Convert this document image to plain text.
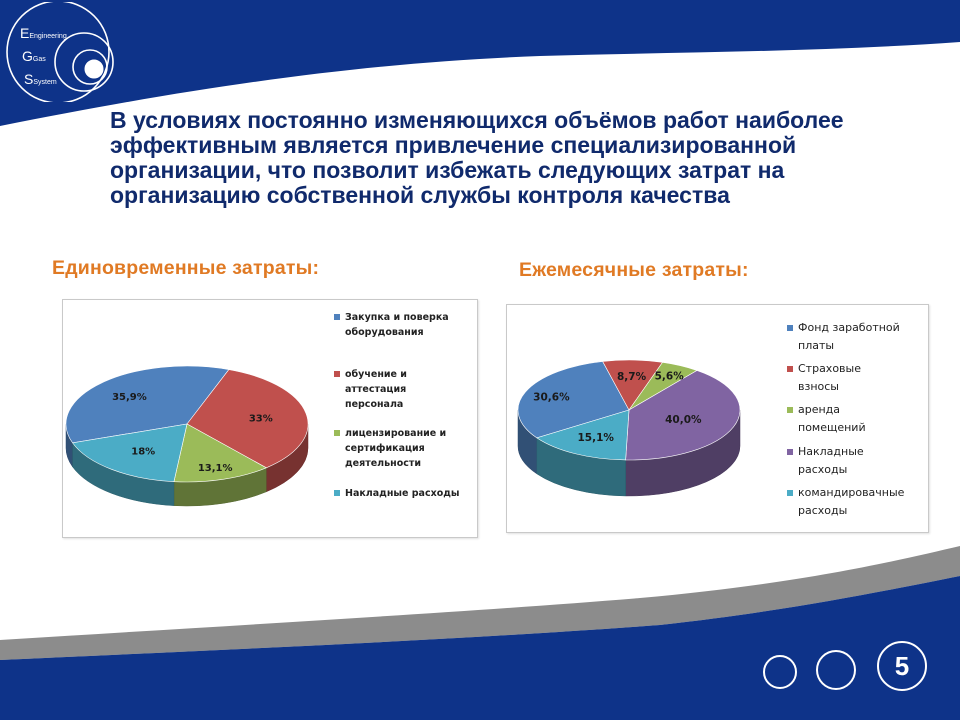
EEngineering
GGas
SSystem
В условиях постоянно изменяющихся объёмов работ наиболее эффективным является привлечение специализированной организации, что позволит избежать следующих затрат на организацию собственной службы контроля качества
Единовременные затраты:	Ежемесячные затраты:
35,9%
33%
13,1%
18%
Закупка и поверка оборудования
обучение и аттестация персонала
лицензирование и сертификация деятельности
Накладные расходы
30,6%
8,7% 5,6%
40,0%
15,1%
Фонд заработной платы
Страховые взносы
аренда помещений
Накладные расходы
командировачные расходы
5
